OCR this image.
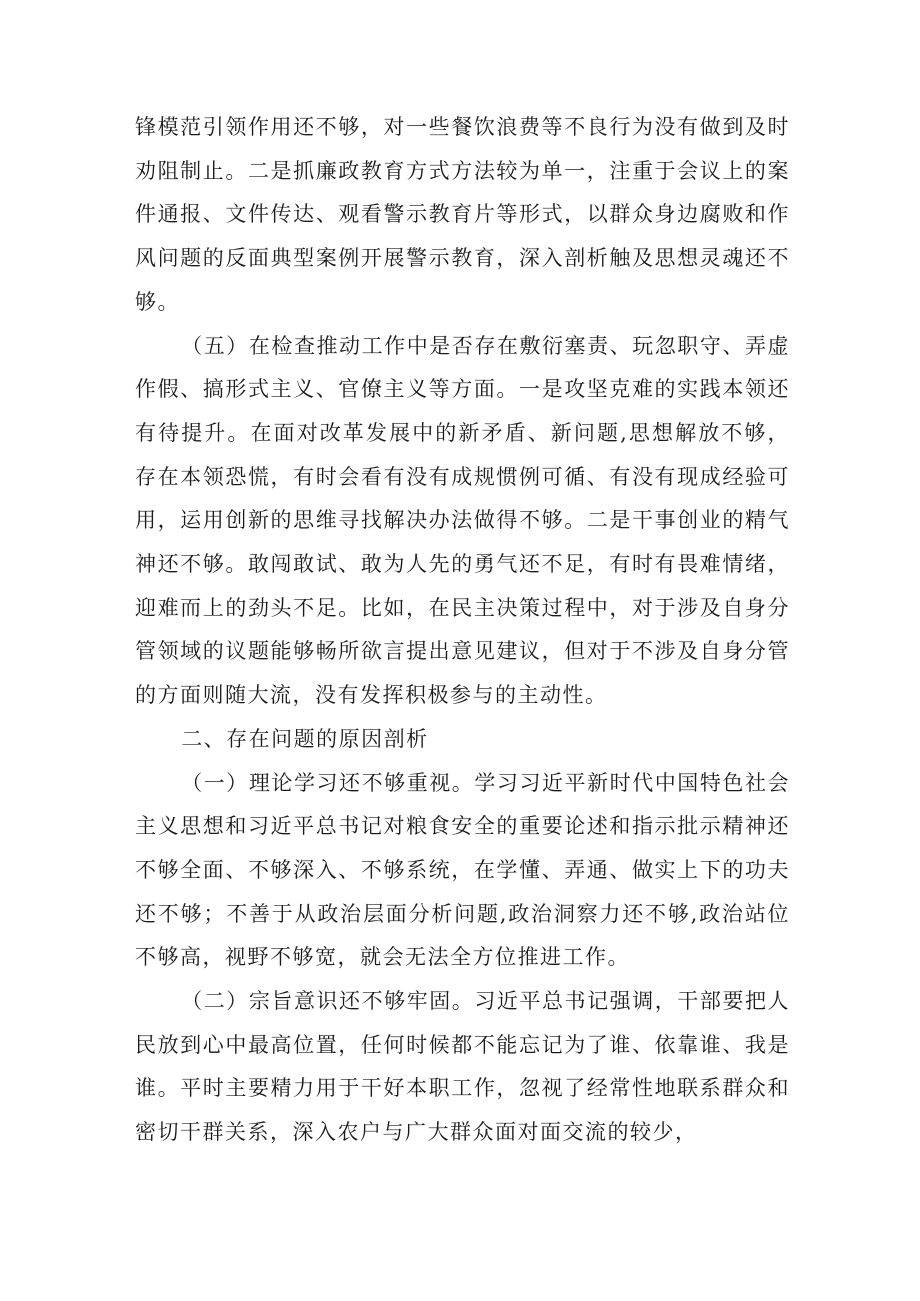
锋模范引领作用还不够，对一些餐饮浪费等不良行为没有做到及时劝阻制止。二是抓廉政教育方式方法较为单一，注重于会议上的案件通报、文件传达、观看警示教育片等形式，以群众身边腐败和作风问题的反面典型案例开展警示教育，深入剖析触及思想灵魂还不够。

（五）在检查推动工作中是否存在敷衍塞责、玩忽职守、弄虚作假、搞形式主义、官僚主义等方面。一是攻坚克难的实践本领还有待提升。在面对改革发展中的新矛盾、新问题,思想解放不够，存在本领恐慌，有时会看有没有成规惯例可循、有没有现成经验可用，运用创新的思维寻找解决办法做得不够。二是干事创业的精气神还不够。敢闯敢试、敢为人先的勇气还不足，有时有畏难情绪，迎难而上的劲头不足。比如，在民主决策过程中，对于涉及自身分管领域的议题能够畅所欲言提出意见建议，但对于不涉及自身分管的方面则随大流，没有发挥积极参与的主动性。

二、存在问题的原因剖析

（一）理论学习还不够重视。学习习近平新时代中国特色社会主义思想和习近平总书记对粮食安全的重要论述和指示批示精神还不够全面、不够深入、不够系统，在学懂、弄通、做实上下的功夫还不够；不善于从政治层面分析问题,政治洞察力还不够,政治站位不够高，视野不够宽，就会无法全方位推进工作。

（二）宗旨意识还不够牢固。习近平总书记强调，干部要把人民放到心中最高位置，任何时候都不能忘记为了谁、依靠谁、我是谁。平时主要精力用于干好本职工作，忽视了经常性地联系群众和密切干群关系，深入农户与广大群众面对面交流的较少，
